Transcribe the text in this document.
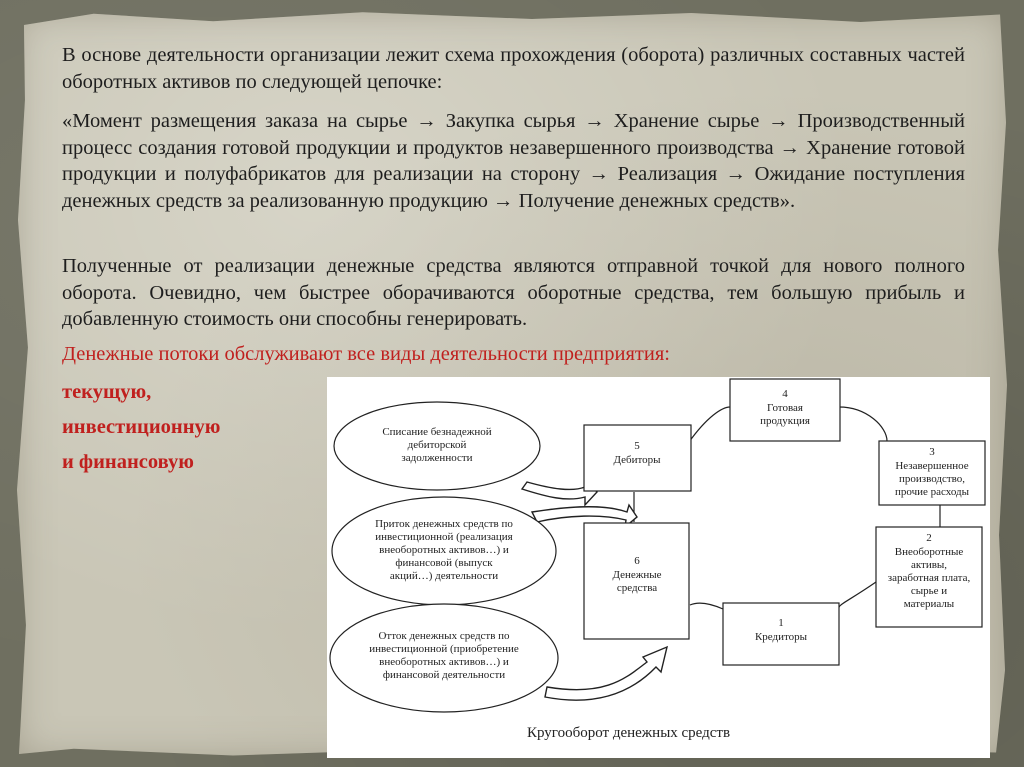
В основе деятельности организации лежит схема прохождения (оборота) различных составных частей оборотных активов по следующей цепочке:
«Момент размещения заказа на сырье → Закупка сырья → Хранение сырье → Производственный процесс создания готовой продукции и продуктов незавершенного производства → Хранение готовой продукции и полуфабрикатов для реализации на сторону → Реализация → Ожидание поступления денежных средств за реализованную продукцию → Получение денежных средств».
Полученные от реализации денежные средства являются отправной точкой для нового полного оборота. Очевидно, чем быстрее оборачиваются оборотные средства, тем большую прибыль и добавленную стоимость они способны генерировать.
Денежные потоки обслуживают все виды деятельности предприятия:
текущую,
инвестиционную
и финансовую
4
Готовая
продукция
5
Дебиторы
3
Незавершенное
производство,
прочие расходы
6
Денежные
средства
2
Внеоборотные
активы,
заработная плата,
сырье и
материалы
1
Кредиторы
Списание безнадежной
дебиторской
задолженности
Приток денежных средств по
инвестиционной (реализация
внеоборотных активов…) и
финансовой (выпуск
акций…) деятельности
Отток денежных средств по
инвестиционной (приобретение
внеоборотных активов…) и
финансовой деятельности
Кругооборот денежных средств
